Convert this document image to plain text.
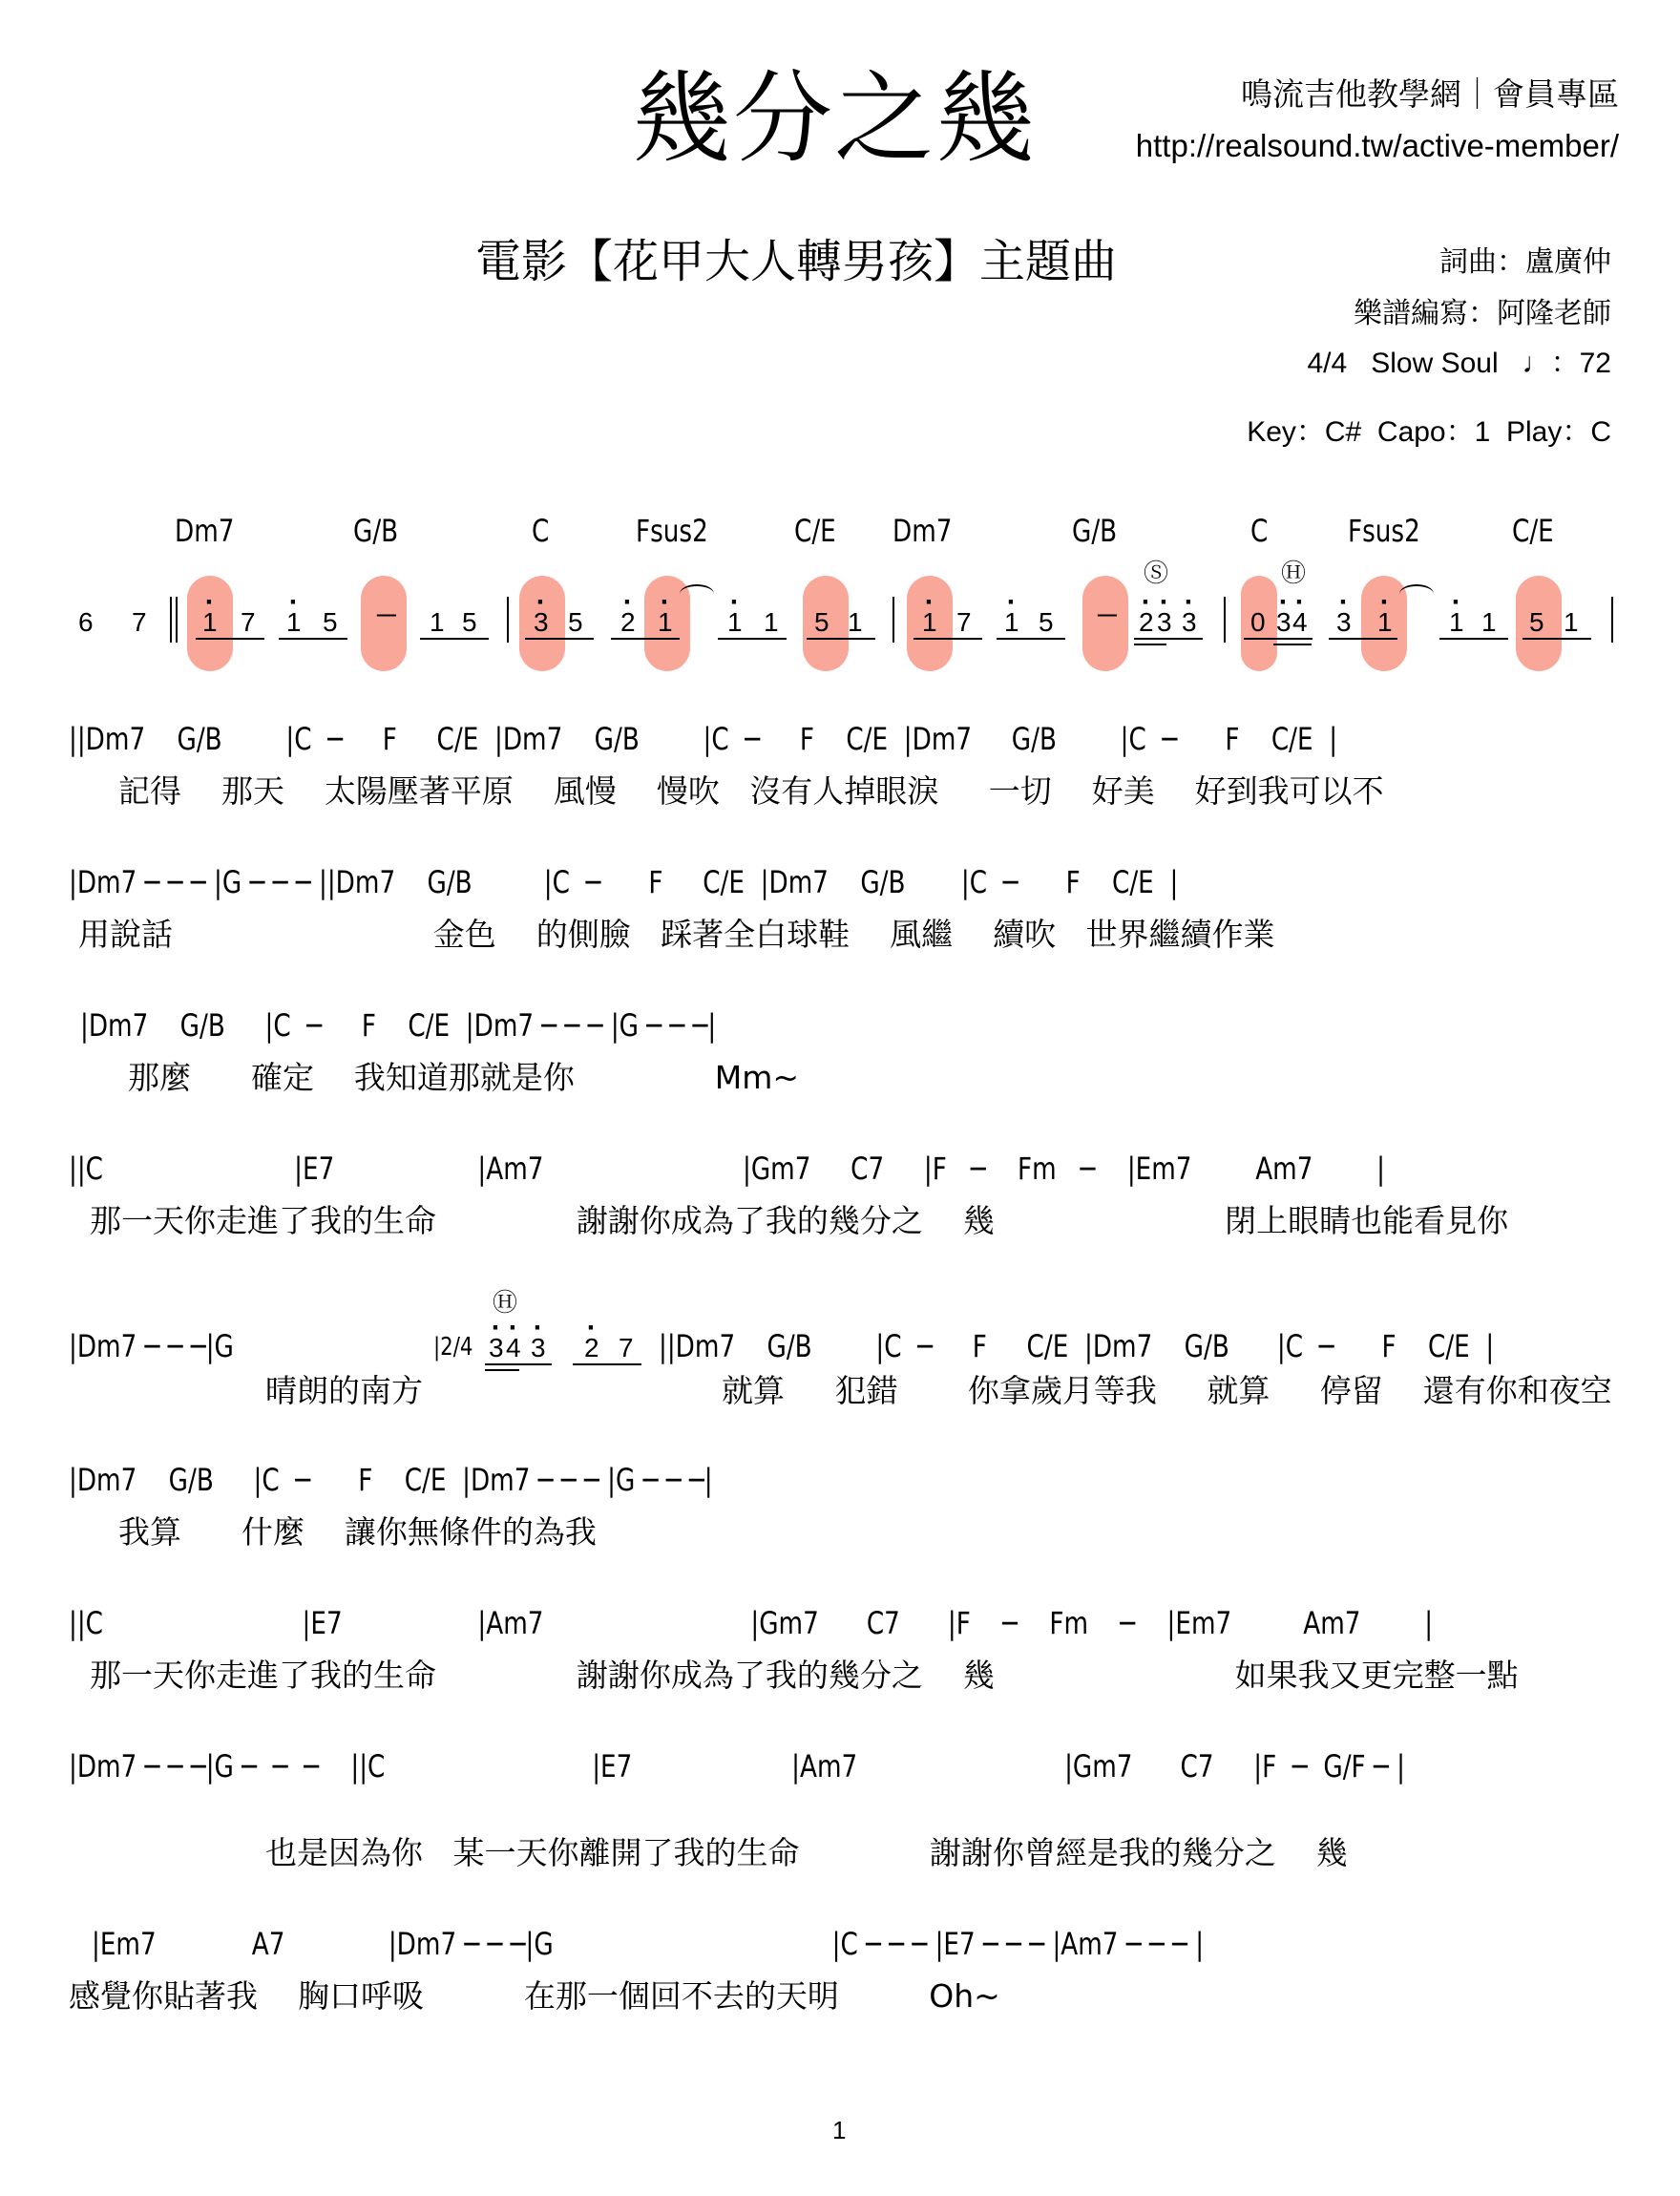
幾分之幾	鳴流吉他教學網｜會員專區
http://realsound.tw/active-member/
電影【花甲大人轉男孩】主題曲	詞曲：盧廣仲
樂譜編寫：阿隆老師
4/4   Slow Soul   ♩：72
Key：C#  Capo：1  Play：C
Dm7	G/B	C	Fsus2	C/E Dm7	G/B	C	Fsus2	C/E
6 7 · 1 7 · 1 5 ─ 1 5 · 3 5 · 2 · 1 · 1 1 5 1 · 1 7 · 1 5 ─
Ⓢ
· 2 · 3 · 3 0
Ⓗ
· 3 · 4 · 3 · 1 · 1 1 5 1
||Dm7    G/B        |C  ─     F     C/E  |Dm7    G/B        |C  ─     F    C/E  |Dm7     G/B        |C  ─      F    C/E  |
記得    那天    太陽壓著平原    風慢    慢吹   沒有人掉眼淚     一切    好美    好到我可以不
|Dm7 ─ ─ ─ |G ─ ─ ─ ||Dm7    G/B         |C  ─      F     C/E  |Dm7    G/B       |C  ─      F    C/E  |
用說話                          金色    的側臉   踩著全白球鞋    風繼    續吹   世界繼續作業
|Dm7    G/B     |C  ─     F    C/E  |Dm7 ─ ─ ─ |G ─ ─ ─|
那麼      確定    我知道那就是你              Mm~
||C                        |E7                  |Am7                         |Gm7     C7     |F   ─    Fm   ─    |Em7        Am7        |
那一天你走進了我的生命              謝謝你成為了我的幾分之    幾                       閉上眼睛也能看見你
|Dm7 ─ ─ ─|G	|2/4
Ⓗ
· 3 · 4 · 3 · 2 7 ||Dm7    G/B        |C  ─     F     C/E  |Dm7    G/B      |C  ─      F    C/E  |
晴朗的南方	就算     犯錯       你拿歲月等我     就算     停留    還有你和夜空
|Dm7    G/B     |C  ─      F    C/E  |Dm7 ─ ─ ─ |G ─ ─ ─|
我算      什麼    讓你無條件的為我
||C                         |E7                 |Am7                          |Gm7      C7      |F    ─    Fm    ─    |Em7         Am7        |
那一天你走進了我的生命              謝謝你成為了我的幾分之    幾                        如果我又更完整一點
|Dm7 ─ ─ ─|G ─  ─  ─    ||C                          |E7                    |Am7                          |Gm7      C7     |F  ─  G/F ─ |
也是因為你   某一天你離開了我的生命             謝謝你曾經是我的幾分之    幾
|Em7            A7             |Dm7 ─ ─ ─|G                                   |C ─ ─ ─ |E7 ─ ─ ─ |Am7 ─ ─ ─ |
感覺你貼著我    胸口呼吸          在那一個回不去的天明         Oh~
1
